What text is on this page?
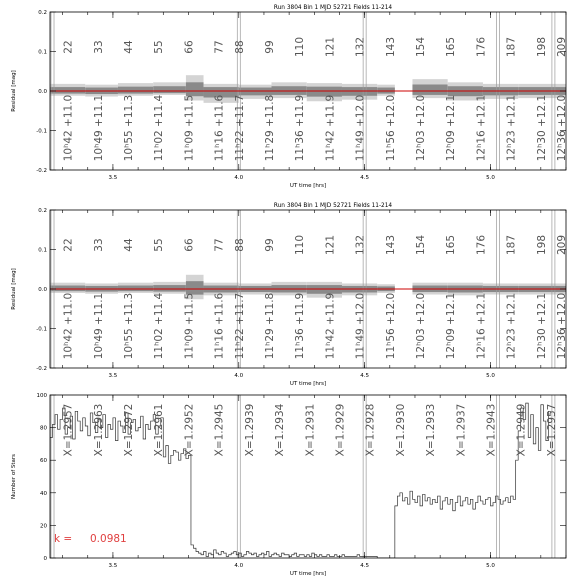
22
10ʰ42 +11.0
33
10ʰ49 +11.1
44
10ʰ55 +11.3
55
11ʰ02 +11.4
66
11ʰ09 +11.5
77
11ʰ16 +11.6
88
11ʰ22 +11.7
99
11ʰ29 +11.8
110
11ʰ36 +11.9
121
11ʰ42 +11.9
132
11ʰ49 +12.0
143
11ʰ56 +12.0
154
12ʰ03 +12.0
165
12ʰ09 +12.1
176
12ʰ16 +12.1
187
12ʰ23 +12.1
198
12ʰ30 +12.1
209
12ʰ36 +12.0
3.5	4.0	4.5	5.0
-0.2
-0.1
0.0
0.1
0.2
UT time [hrs]
Residual [mag]
Run 3804 Bin 1 MJD 52721 Fields 11-214
22
10ʰ42 +11.0
33
10ʰ49 +11.1
44
10ʰ55 +11.3
55
11ʰ02 +11.4
66
11ʰ09 +11.5
77
11ʰ16 +11.6
88
11ʰ22 +11.7
99
11ʰ29 +11.8
110
11ʰ36 +11.9
121
11ʰ42 +11.9
132
11ʰ49 +12.0
143
11ʰ56 +12.0
154
12ʰ03 +12.0
165
12ʰ09 +12.1
176
12ʰ16 +12.1
187
12ʰ23 +12.1
198
12ʰ30 +12.1
209
12ʰ36 +12.0
3.5	4.0	4.5	5.0
-0.2
-0.1
0.0
0.1
0.2
UT time [hrs]
Residual [mag]
Run 3804 Bin 1 MJD 52721 Fields 11-214
X=1.2957 X=1.2963 X=1.2972 X=1.2961 X=1.2952 X=1.2945 X=1.2939 X=1.2934 X=1.2931 X=1.2929 X=1.2928 X=1.2930 X=1.2933 X=1.2937 X=1.2943 X=1.2949 X=1.2957
k = 0.0981
3.5	4.0	4.5	5.0
0
20
40
60
80
100
UT time [hrs]
Number of Stars
